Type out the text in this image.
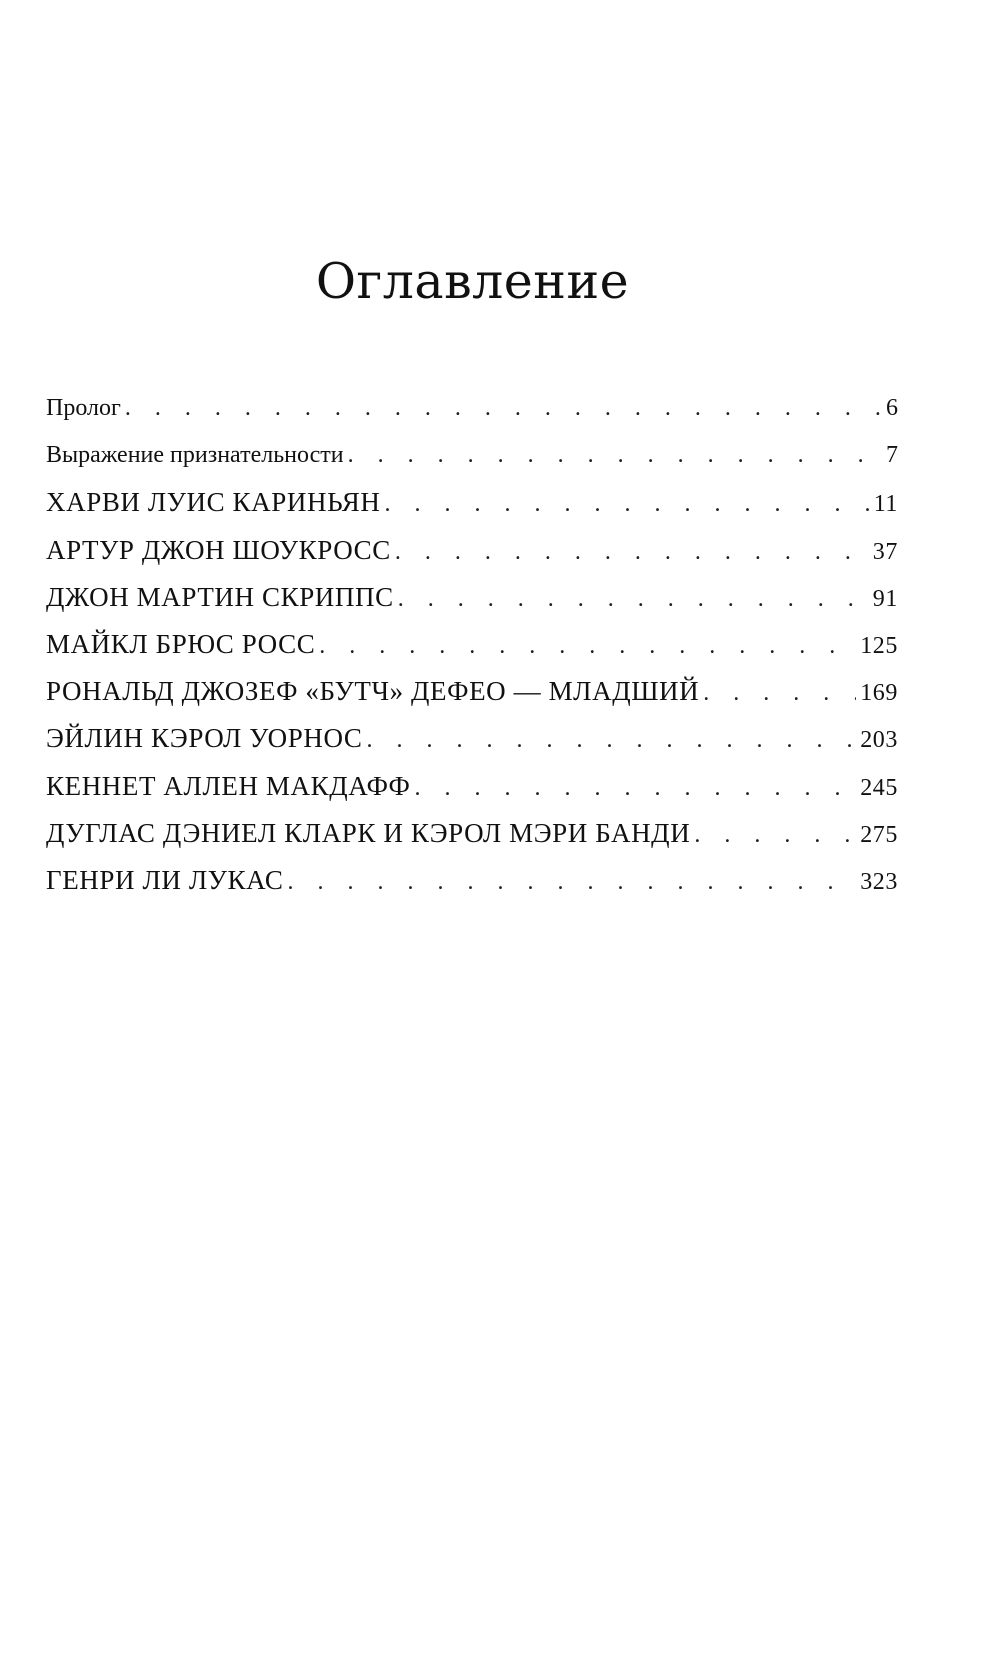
Оглавление
Пролог . . .	6
Выражение признательности . . .	7
ХАРВИ ЛУИС КАРИНЬЯН . . .	11
АРТУР ДЖОН ШОУКРОСС . . .	37
ДЖОН МАРТИН СКРИППС . . .	91
МАЙКЛ БРЮС РОСС . . .	125
РОНАЛЬД ДЖОЗЕФ «БУТЧ» ДЕФЕО — МЛАДШИЙ . . .	169
ЭЙЛИН КЭРОЛ УОРНОС . . .	203
КЕННЕТ АЛЛЕН МАКДАФФ . . .	245
ДУГЛАС ДЭНИЕЛ КЛАРК И КЭРОЛ МЭРИ БАНДИ . . .	275
ГЕНРИ ЛИ ЛУКАС . . .	323
